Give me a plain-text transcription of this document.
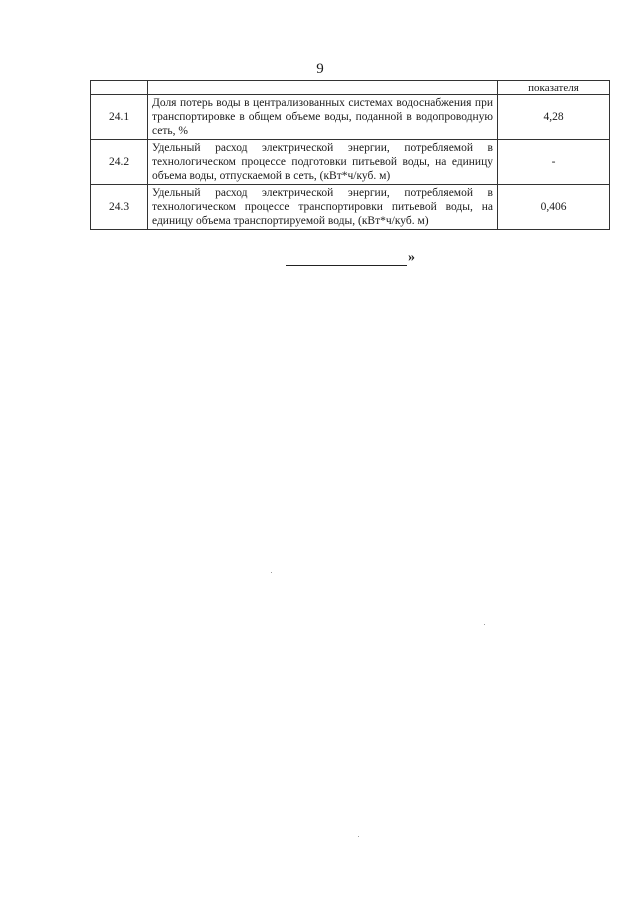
9
		показателя
24.1	Доля потерь воды в централизованных системах водоснабжения при транспортировке в общем объеме воды, поданной в водопроводную сеть, %	4,28
24.2	Удельный расход электрической энергии, потребляемой в технологическом процессе подготовки питьевой воды, на единицу объема воды, отпускаемой в сеть, (кВт*ч/куб. м)	-
24.3	Удельный расход электрической энергии, потребляемой в технологическом процессе транспортировки питьевой воды, на единицу объема транспортируемой воды, (кВт*ч/куб. м)	0,406
»
